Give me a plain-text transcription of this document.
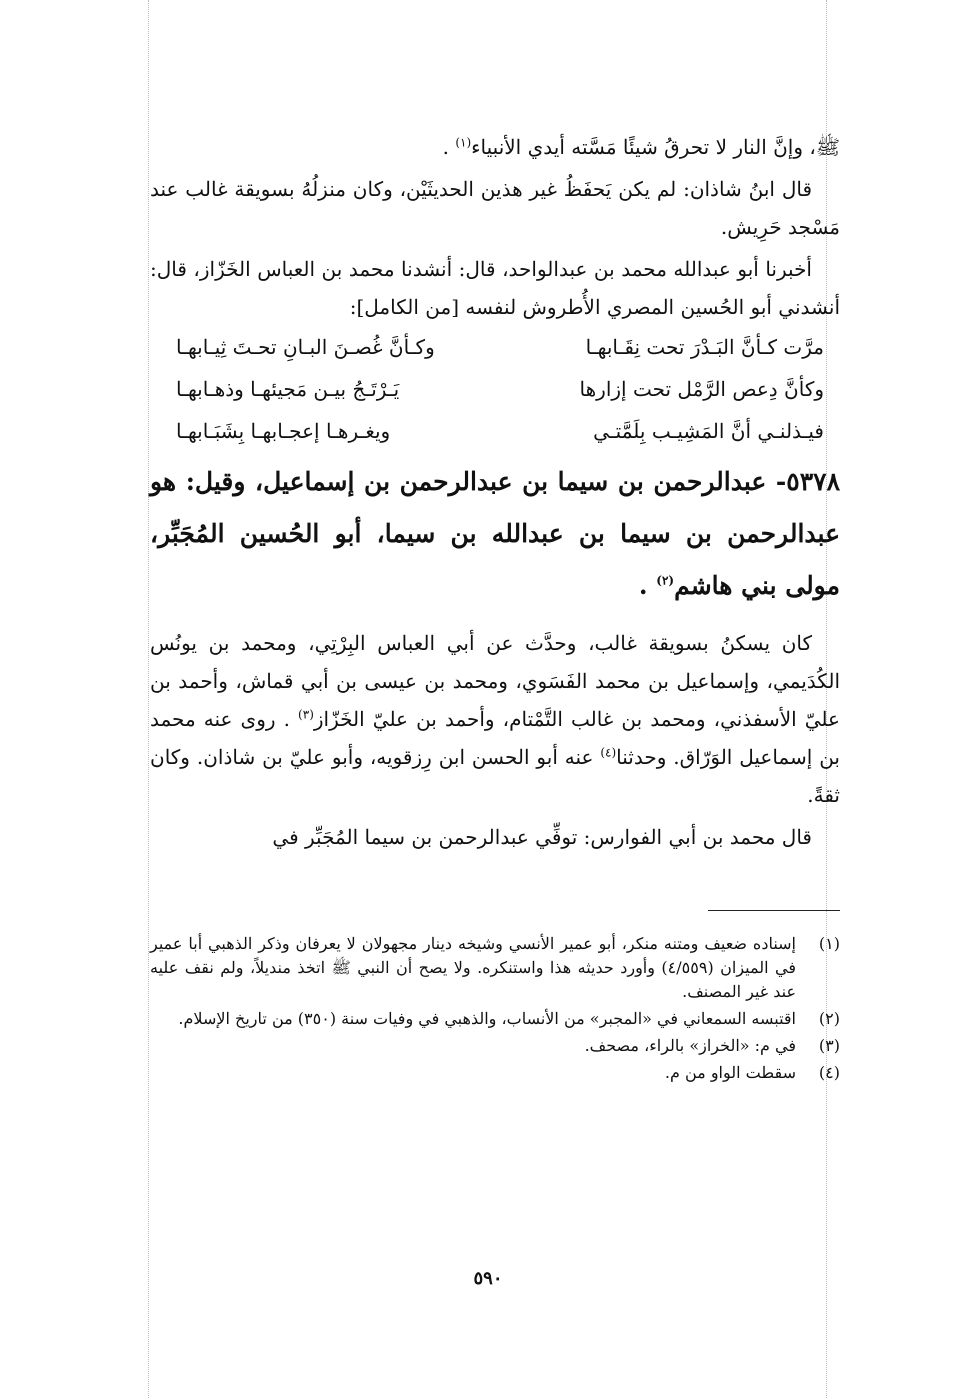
ﷺ، وإنَّ النار لا تحرقُ شيئًا مَسَّته أيدي الأنبياء$^{(١)}$ .

قال ابنُ شاذان: لم يكن يَحفَظُ غير هذين الحديثَيْن، وكان منزلُهُ بسويقة غالب عند مَسْجد حَرِيش.

أخبرنا أبو عبدالله محمد بن عبدالواحد، قال: أنشدنا محمد بن العباس الخَزّاز، قال: أنشدني أبو الحُسين المصري الأُطروش لنفسه [من الكامل]:

مرَّت كـأنَّ البَـدْرَ تحت نِقَـابهـا
وكـأنَّ غُصـنَ البـانِ تحـتَ ثِيـابهـا
وكأنَّ دِعص الرَّمْل تحت إزارها
يَـرْتَـجُ بيـن مَجيئهـا وذهـابهـا
فيـذلنـي أنَّ المَشِيـب بِلَمَّتـي
ويغـرهـا إعجـابهـا بِشَبَـابهـا

٥٣٧٨- عبدالرحمن بن سيما بن عبدالرحمن بن إسماعيل، وقيل: هو عبدالرحمن بن سيما بن عبدالله بن سيما، أبو الحُسين المُجَبِّر، مولى بني هاشم$^{(٢)}$ .

كان يسكنُ بسويقة غالب، وحدَّث عن أبي العباس البِرْتِي، ومحمد بن يونُس الكُدَيمي، وإسماعيل بن محمد الفَسَوي، ومحمد بن عيسى بن أبي قماش، وأحمد بن عليّ الأسفذني، ومحمد بن غالب التَّمْتام، وأحمد بن عليّ الخَزّاز$^{(٣)}$ . روى عنه محمد بن إسماعيل الوَرّاق. وحدثنا$^{(٤)}$ عنه أبو الحسن ابن رِزقويه، وأبو عليّ بن شاذان. وكان ثقةً.

قال محمد بن أبي الفوارس: توفِّي عبدالرحمن بن سيما المُجَبِّر في

(١)
إسناده ضعيف ومتنه منكر، أبو عمير الأنسي وشيخه دينار مجهولان لا يعرفان وذكر الذهبي أبا عمير في الميزان (٤/٥٥٩) وأورد حديثه هذا واستنكره. ولا يصح أن النبي ﷺ اتخذ منديلاً، ولم نقف عليه عند غير المصنف.
(٢)
اقتبسه السمعاني في «المجبر» من الأنساب، والذهبي في وفيات سنة (٣٥٠) من تاريخ الإسلام.
(٣)
في م: «الخراز» بالراء، مصحف.
(٤)
سقطت الواو من م.
٥٩٠
